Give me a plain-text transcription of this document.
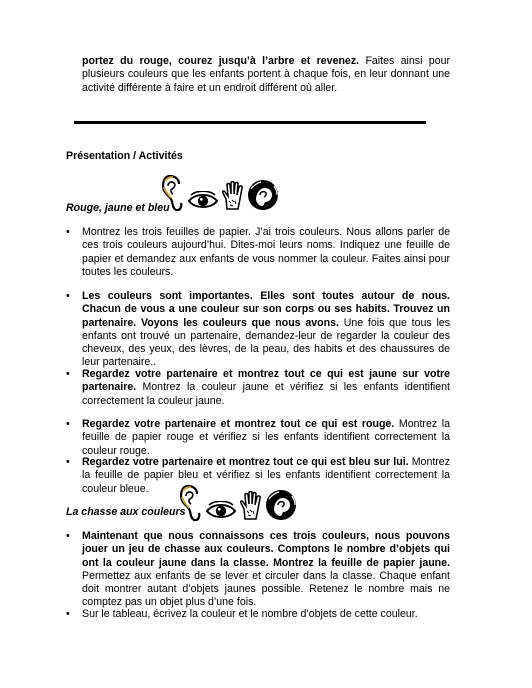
portez du rouge, courez jusqu’à l’arbre et revenez. Faites ainsi pour plusieurs couleurs que les enfants portent à chaque fois, en leur donnant une activité différente à faire et un endroit différent où aller.
Présentation / Activités
Rouge, jaune et bleu
• Montrez les trois feuilles de papier. J’ai trois couleurs. Nous allons parler de ces trois couleurs aujourd’hui. Dites-moi leurs noms. Indiquez une feuille de papier et demandez aux enfants de vous nommer la couleur. Faites ainsi pour toutes les couleurs.
• Les couleurs sont importantes. Elles sont toutes autour de nous. Chacun de vous a une couleur sur son corps ou ses habits. Trouvez un partenaire. Voyons les couleurs que nous avons. Une fois que tous les enfants ont trouvé un partenaire, demandez-leur de regarder la couleur des cheveux, des yeux, des lèvres, de la peau, des habits et des chaussures de leur partenaire..
• Regardez votre partenaire et montrez tout ce qui est jaune sur votre partenaire. Montrez la couleur jaune et vérifiez si les enfants identifient correctement la couleur jaune.
• Regardez votre partenaire et montrez tout ce qui est rouge. Montrez la feuille de papier rouge et vérifiez si les enfants identifient correctement la couleur rouge.
• Regardez votre partenaire et montrez tout ce qui est bleu sur lui. Montrez la feuille de papier bleu et vérifiez si les enfants identifient correctement la couleur bleue.
La chasse aux couleurs
• Maintenant que nous connaissons ces trois couleurs, nous pouvons jouer un jeu de chasse aux couleurs. Comptons le nombre d’objets qui ont la couleur jaune dans la classe. Montrez la feuille de papier jaune. Permettez aux enfants de se lever et circuler dans la classe. Chaque enfant doit montrer autant d’objets jaunes possible. Retenez le nombre mais ne comptez pas un objet plus d’une fois.
• Sur le tableau, écrivez la couleur et le nombre d’objets de cette couleur.
